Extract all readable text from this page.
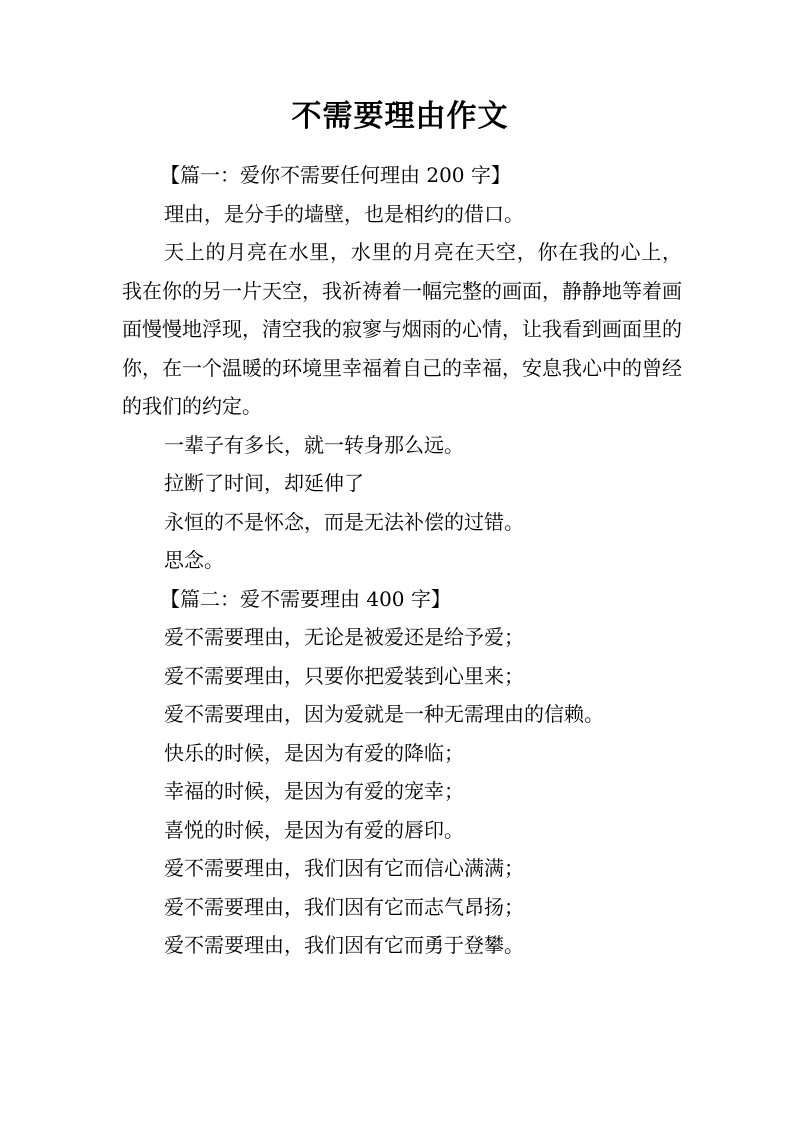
不需要理由作文

【篇一：爱你不需要任何理由 200 字】

理由，是分手的墙壁，也是相约的借口。

天上的月亮在水里，水里的月亮在天空，你在我的心上，我在你的另一片天空，我祈祷着一幅完整的画面，静静地等着画面慢慢地浮现，清空我的寂寥与烟雨的心情，让我看到画面里的你，在一个温暖的环境里幸福着自己的幸福，安息我心中的曾经的我们的约定。

一辈子有多长，就一转身那么远。

拉断了时间，却延伸了

永恒的不是怀念，而是无法补偿的过错。

思念。

【篇二：爱不需要理由 400 字】

爱不需要理由，无论是被爱还是给予爱；

爱不需要理由，只要你把爱装到心里来；

爱不需要理由，因为爱就是一种无需理由的信赖。

快乐的时候，是因为有爱的降临；

幸福的时候，是因为有爱的宠幸；

喜悦的时候，是因为有爱的唇印。

爱不需要理由，我们因有它而信心满满；

爱不需要理由，我们因有它而志气昂扬；

爱不需要理由，我们因有它而勇于登攀。
